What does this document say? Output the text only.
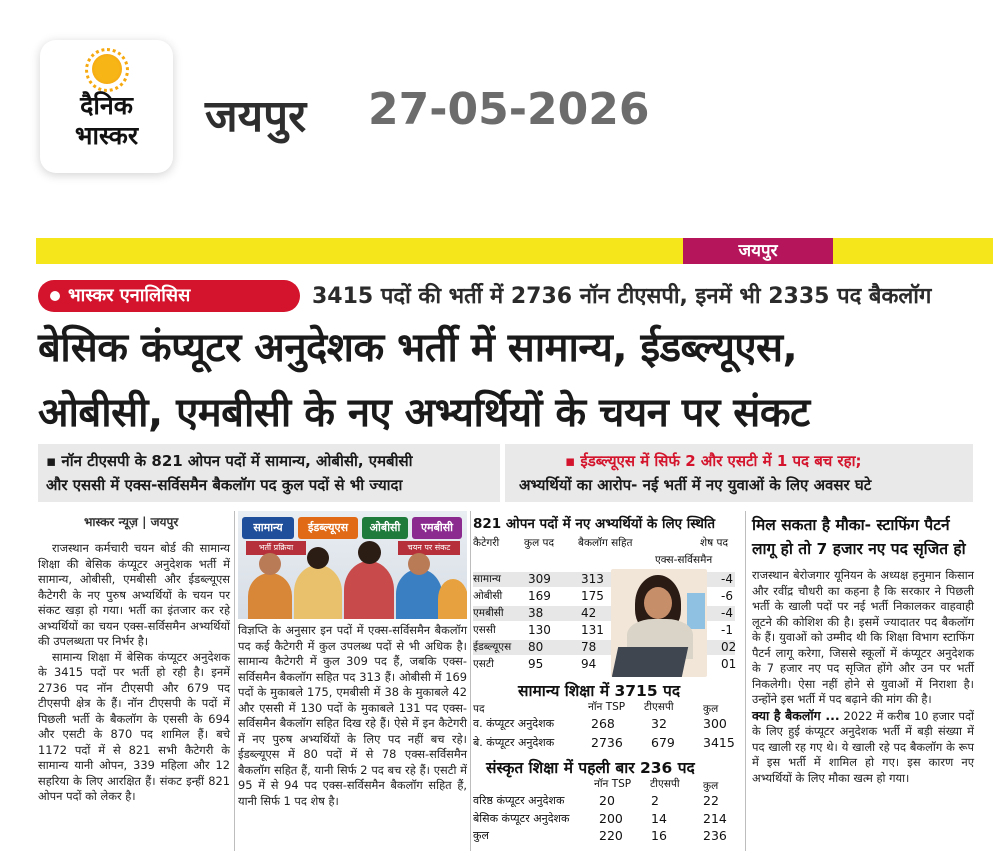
दैनिक
भास्कर	जयपुर 27-05-2026
जयपुर
भास्कर एनालिसिस	3415 पदों की भर्ती में 2736 नॉन टीएसपी, इनमें भी 2335 पद बैकलॉग
बेसिक कंप्यूटर अनुदेशक भर्ती में सामान्य, ईडब्ल्यूएस,
ओबीसी, एमबीसी के नए अभ्यर्थियों के चयन पर संकट
▪ नॉन टीएसपी के 821 ओपन पदों में सामान्य, ओबीसी, एमबीसी
और एससी में एक्स-सर्विसमैन बैकलॉग पद कुल पदों से भी ज्यादा
▪ ईडब्ल्यूएस में सिर्फ 2 और एसटी में 1 पद बच रहा;
अभ्यर्थियों का आरोप- नई भर्ती में नए युवाओं के लिए अवसर घटे
भास्कर न्यूज़ | जयपुर

राजस्थान कर्मचारी चयन बोर्ड की सामान्य शिक्षा की बेसिक कंप्यूटर अनुदेशक भर्ती में सामान्य, ओबीसी, एमबीसी और ईडब्ल्यूएस कैटेगरी के नए पुरुष अभ्यर्थियों के चयन पर संकट खड़ा हो गया। भर्ती का इंतजार कर रहे अभ्यर्थियों का चयन एक्स-सर्विसमैन अभ्यर्थियों की उपलब्धता पर निर्भर है।

सामान्य शिक्षा में बेसिक कंप्यूटर अनुदेशक के 3415 पदों पर भर्ती हो रही है। इनमें 2736 पद नॉन टीएसपी और 679 पद टीएसपी क्षेत्र के हैं। नॉन टीएसपी के पदों में पिछली भर्ती के बैकलॉग के एससी के 694 और एसटी के 870 पद शामिल हैं। बचे 1172 पदों में से 821 सभी कैटेगरी के सामान्य यानी ओपन, 339 महिला और 12 सहरिया के लिए आरक्षित हैं। संकट इन्हीं 821 ओपन पदों को लेकर है।

सामान्य	ईडब्ल्यूएस	ओबीसी	एमबीसी
भर्ती प्रक्रिया	चयन पर संकट
विज्ञप्ति के अनुसार इन पदों में एक्स-सर्विसमैन बैकलॉग पद कई कैटेगरी में कुल उपलब्ध पदों से भी अधिक है। सामान्य कैटेगरी में कुल 309 पद हैं, जबकि एक्स-सर्विसमैन बैकलॉग सहित पद 313 हैं। ओबीसी में 169 पदों के मुकाबले 175, एमबीसी में 38 के मुकाबले 42 और एससी में 130 पदों के मुकाबले 131 पद एक्स-सर्विसमैन बैकलॉग सहित दिख रहे हैं। ऐसे में इन कैटेगरी में नए पुरुष अभ्यर्थियों के लिए पद नहीं बच रहे। ईडब्ल्यूएस में 80 पदों में से 78 एक्स-सर्विसमैन बैकलॉग सहित हैं, यानी सिर्फ 2 पद बच रहे हैं। एसटी में 95 में से 94 पद एक्स-सर्विसमैन बैकलॉग सहित हैं, यानी सिर्फ 1 पद शेष है।
821 ओपन पदों में नए अभ्यर्थियों के लिए स्थिति
कैटेगरी कुल पद बैकलॉग सहित	शेष पद
एक्स-सर्विसमैन
सामान्य 309	313	-4
ओबीसी 169	175	-6
एमबीसी 38	42	-4
एससी	130	131	-1
ईडब्ल्यूएस 80	78	02
एसटी	95	94	01
सामान्य शिक्षा में 3715 पद
पद	नॉन TSP टीएसपी	कुल
व. कंप्यूटर अनुदेशक	268	32	300
बे. कंप्यूटर अनुदेशक	2736 679 3415
संस्कृत शिक्षा में पहली बार 236 पद
नॉन TSP टीएसपी कुल
वरिष्ठ कंप्यूटर अनुदेशक	20	2	22
बेसिक कंप्यूटर अनुदेशक 200 14	214
कुल	220 16	236
मिल सकता है मौका- स्टाफिंग पैटर्न
लागू हो तो 7 हजार नए पद सृजित हो

राजस्थान बेरोजगार यूनियन के अध्यक्ष हनुमान किसान और रवींद्र चौधरी का कहना है कि सरकार ने पिछली भर्ती के खाली पदों पर नई भर्ती निकालकर वाहवाही लूटने की कोशिश की है। इसमें ज्यादातर पद बैकलॉग के हैं। युवाओं को उम्मीद थी कि शिक्षा विभाग स्टाफिंग पैटर्न लागू करेगा, जिससे स्कूलों में कंप्यूटर अनुदेशक के 7 हजार नए पद सृजित होंगे और उन पर भर्ती निकलेगी। ऐसा नहीं होने से युवाओं में निराशा है। उन्होंने इस भर्ती में पद बढ़ाने की मांग की है।

क्या है बैकलॉग ... 2022 में करीब 10 हजार पदों के लिए हुई कंप्यूटर अनुदेशक भर्ती में बड़ी संख्या में पद खाली रह गए थे। ये खाली रहे पद बैकलॉग के रूप में इस भर्ती में शामिल हो गए। इस कारण नए अभ्यर्थियों के लिए मौका खत्म हो गया।
